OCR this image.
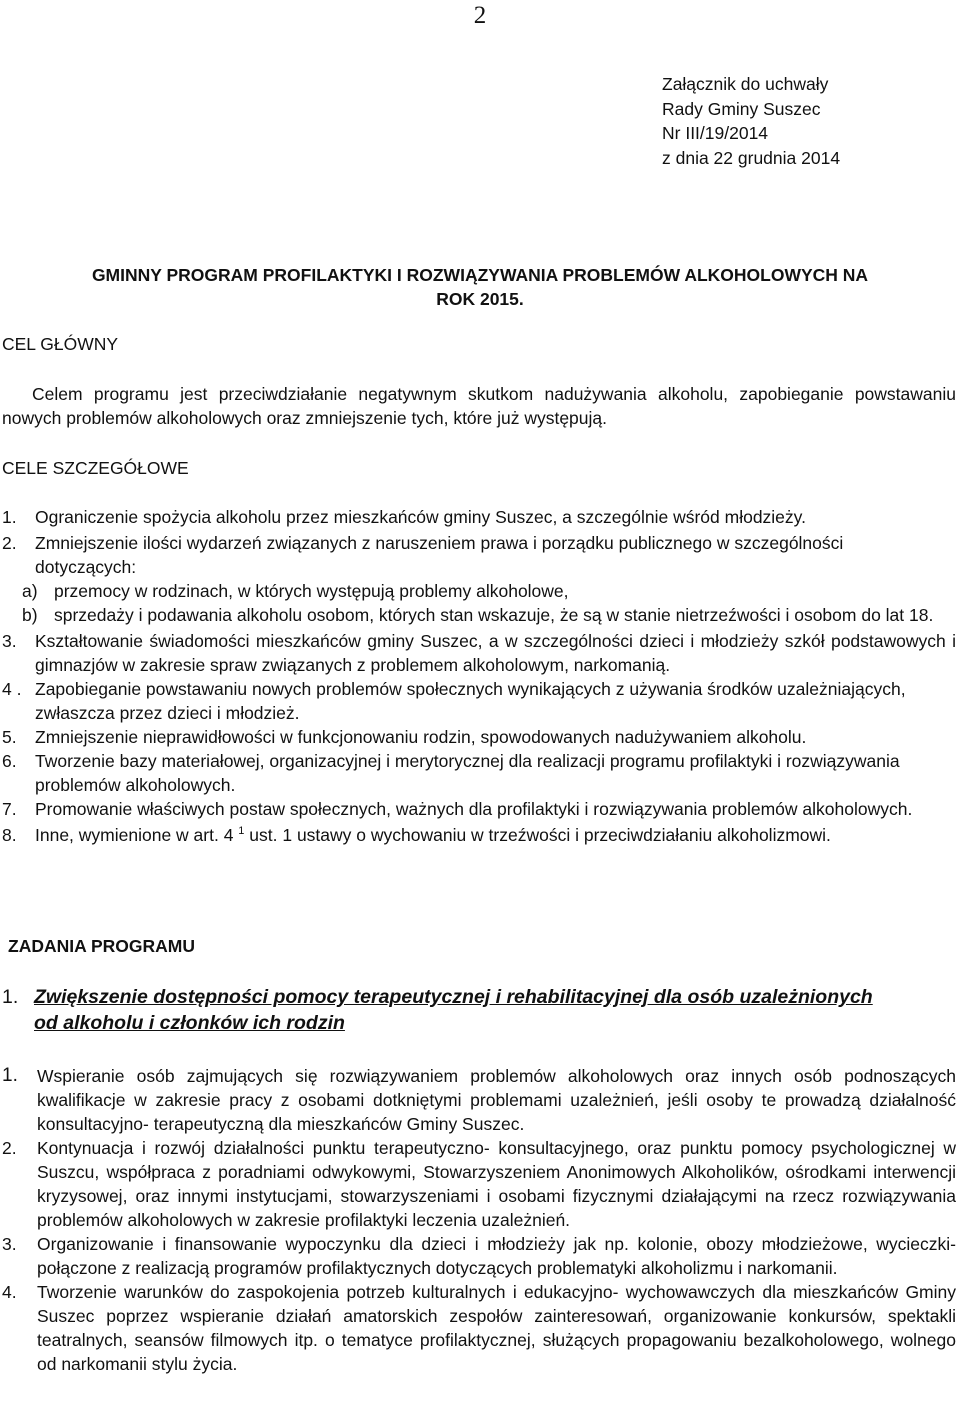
2
Załącznik do uchwały
Rady Gminy Suszec
Nr III/19/2014
z dnia 22 grudnia 2014
GMINNY PROGRAM PROFILAKTYKI I ROZWIĄZYWANIA PROBLEMÓW ALKOHOLOWYCH NA
ROK 2015.
CEL GŁÓWNY
Celem programu jest przeciwdziałanie negatywnym skutkom nadużywania alkoholu, zapobieganie powstawaniu nowych problemów alkoholowych oraz zmniejszenie tych, które już występują.
CELE SZCZEGÓŁOWE
1. Ograniczenie spożycia alkoholu przez mieszkańców gminy Suszec, a szczególnie wśród młodzieży.
2. Zmniejszenie ilości wydarzeń związanych z naruszeniem prawa i porządku publicznego w szczególności dotyczących:
a) przemocy w rodzinach, w których występują problemy alkoholowe,
b) sprzedaży i podawania alkoholu osobom, których stan wskazuje, że są w stanie nietrzeźwości i osobom do lat 18.
3. Kształtowanie świadomości mieszkańców gminy Suszec, a w szczególności dzieci i młodzieży szkół podstawowych i gimnazjów w zakresie spraw związanych z problemem alkoholowym, narkomanią.
4 . Zapobieganie powstawaniu nowych problemów społecznych wynikających z używania środków uzależniających, zwłaszcza przez dzieci i młodzież.
5. Zmniejszenie nieprawidłowości w funkcjonowaniu rodzin, spowodowanych nadużywaniem alkoholu.
6. Tworzenie bazy materiałowej, organizacyjnej i merytorycznej dla realizacji programu profilaktyki i rozwiązywania problemów alkoholowych.
7. Promowanie właściwych postaw społecznych, ważnych dla profilaktyki i rozwiązywania problemów alkoholowych.
8. Inne, wymienione w art. 4 $^1$ ust. 1 ustawy o wychowaniu w trzeźwości i przeciwdziałaniu alkoholizmowi.
ZADANIA PROGRAMU
1. Zwiększenie dostępności pomocy terapeutycznej i rehabilitacyjnej dla osób uzależnionych od alkoholu i członków ich rodzin
1. Wspieranie osób zajmujących się rozwiązywaniem problemów alkoholowych oraz innych osób podnoszących kwalifikacje w zakresie pracy z osobami dotkniętymi problemami uzależnień, jeśli osoby te prowadzą działalność konsultacyjno- terapeutyczną dla mieszkańców Gminy Suszec.
2. Kontynuacja i rozwój działalności punktu terapeutyczno- konsultacyjnego, oraz punktu pomocy psychologicznej w Suszcu, współpraca z poradniami odwykowymi, Stowarzyszeniem Anonimowych Alkoholików, ośrodkami interwencji kryzysowej, oraz innymi instytucjami, stowarzyszeniami i osobami fizycznymi działającymi na rzecz rozwiązywania problemów alkoholowych w zakresie profilaktyki leczenia uzależnień.
3. Organizowanie i finansowanie wypoczynku dla dzieci i młodzieży jak np. kolonie, obozy młodzieżowe, wycieczki- połączone z realizacją programów profilaktycznych dotyczących problematyki alkoholizmu i narkomanii.
4. Tworzenie warunków do zaspokojenia potrzeb kulturalnych i edukacyjno- wychowawczych dla mieszkańców Gminy Suszec poprzez wspieranie działań amatorskich zespołów zainteresowań, organizowanie konkursów, spektakli teatralnych, seansów filmowych itp. o tematyce profilaktycznej, służących propagowaniu bezalkoholowego, wolnego od narkomanii stylu życia.
